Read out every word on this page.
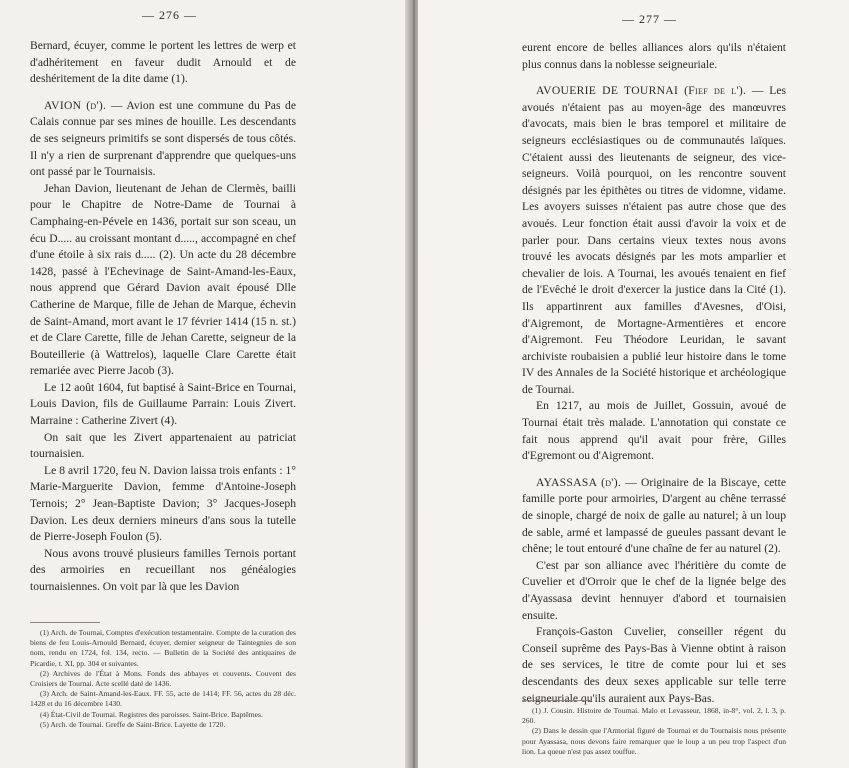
— 276 —

Bernard, écuyer, comme le portent les lettres de werp et d'adhéritement en faveur dudit Arnould et de deshéritement de la dite dame (1).

AVION (d'). — Avion est une commune du Pas de Calais connue par ses mines de houille. Les descendants de ses seigneurs primitifs se sont dispersés de tous côtés. Il n'y a rien de surprenant d'apprendre que quelques-uns ont passé par le Tournaisis.

Jehan Davion, lieutenant de Jehan de Clermès, bailli pour le Chapitre de Notre-Dame de Tournai à Camphaing-en-Pévele en 1436, portait sur son sceau, un écu D..... au croissant montant d....., accompagné en chef d'une étoile à six rais d..... (2). Un acte du 28 décembre 1428, passé à l'Echevinage de Saint-Amand-les-Eaux, nous apprend que Gérard Davion avait épousé Dlle Catherine de Marque, fille de Jehan de Marque, échevin de Saint-Amand, mort avant le 17 février 1414 (15 n. st.) et de Clare Carette, fille de Jehan Carette, seigneur de la Bouteillerie (à Wattrelos), laquelle Clare Carette était remariée avec Pierre Jacob (3).

Le 12 août 1604, fut baptisé à Saint-Brice en Tournai, Louis Davion, fils de Guillaume Parrain: Louis Zivert. Marraine : Catherine Zivert (4).

On sait que les Zivert appartenaient au patriciat tournaisien.

Le 8 avril 1720, feu N. Davion laissa trois enfants : 1° Marie-Marguerite Davion, femme d'Antoine-Joseph Ternois; 2° Jean-Baptiste Davion; 3° Jacques-Joseph Davion. Les deux derniers mineurs d'ans sous la tutelle de Pierre-Joseph Foulon (5).

Nous avons trouvé plusieurs familles Ternois portant des armoiries en recueillant nos généalogies tournaisiennes. On voit par là que les Davion

(1) Arch. de Tournai, Comptes d'exécution testamentaire. Compte de la curation des biens de feu Louis-Arnould Bernard, écuyer, dernier seigneur de Taintegnies de son nom, rendu en 1724, fol. 134, recto. — Bulletin de la Société des antiquaires de Picardie, t. XI, pp. 304 et suivantes.
(2) Archives de l'État à Mons. Fonds des abbayes et couvents. Couvent des Croisiers de Tournai. Acte scellé daté de 1436.
(3) Arch. de Saint-Amand-les-Eaux. FF. 55, acte de 1414; FF. 56, actes du 28 déc. 1428 et du 16 décembre 1430.
(4) État-Civil de Tournai. Registres des paroisses. Saint-Brice. Baptêmes.
(5) Arch. de Tournai. Greffe de Saint-Brice. Layette de 1720.
— 277 —

eurent encore de belles alliances alors qu'ils n'étaient plus connus dans la noblesse seigneuriale.

AVOUERIE DE TOURNAI (Fief de l'). — Les avoués n'étaient pas au moyen-âge des manœuvres d'avocats, mais bien le bras temporel et militaire de seigneurs ecclésiastiques ou de communautés laïques. C'étaient aussi des lieutenants de seigneur, des vice-seigneurs. Voilà pourquoi, on les rencontre souvent désignés par les épithètes ou titres de vidomne, vidame. Les avoyers suisses n'étaient pas autre chose que des avoués. Leur fonction était aussi d'avoir la voix et de parler pour. Dans certains vieux textes nous avons trouvé les avocats désignés par les mots amparlier et chevalier de lois. A Tournai, les avoués tenaient en fief de l'Evêché le droit d'exercer la justice dans la Cité (1). Ils appartinrent aux familles d'Avesnes, d'Oisi, d'Aigremont, de Mortagne-Armentières et encore d'Aigremont. Feu Théodore Leuridan, le savant archiviste roubaisien a publié leur histoire dans le tome IV des Annales de la Société historique et archéologique de Tournai.

En 1217, au mois de Juillet, Gossuin, avoué de Tournai était très malade. L'annotation qui constate ce fait nous apprend qu'il avait pour frère, Gilles d'Egremont ou d'Aigremont.

AYASSASA (d'). — Originaire de la Biscaye, cette famille porte pour armoiries, D'argent au chêne terrassé de sinople, chargé de noix de galle au naturel; à un loup de sable, armé et lampassé de gueules passant devant le chêne; le tout entouré d'une chaîne de fer au naturel (2).

C'est par son alliance avec l'héritière du comte de Cuvelier et d'Orroir que le chef de la lignée belge des d'Ayassasa devint hennuyer d'abord et tournaisien ensuite.

François-Gaston Cuvelier, conseiller régent du Conseil suprême des Pays-Bas à Vienne obtint à raison de ses services, le titre de comte pour lui et ses descendants des deux sexes applicable sur telle terre seigneuriale qu'ils auraient aux Pays-Bas.

(1) J. Cousin. Histoire de Tournai. Malo et Levasseur, 1868, in-8°, vol. 2, l. 3, p. 260.
(2) Dans le dessin que l'Armorial figuré de Tournai et du Tournaisis nous présente pour Ayassasa, nous devons faire remarquer que le loup a un peu trop l'aspect d'un lion. La queue n'est pas assez touffue.
